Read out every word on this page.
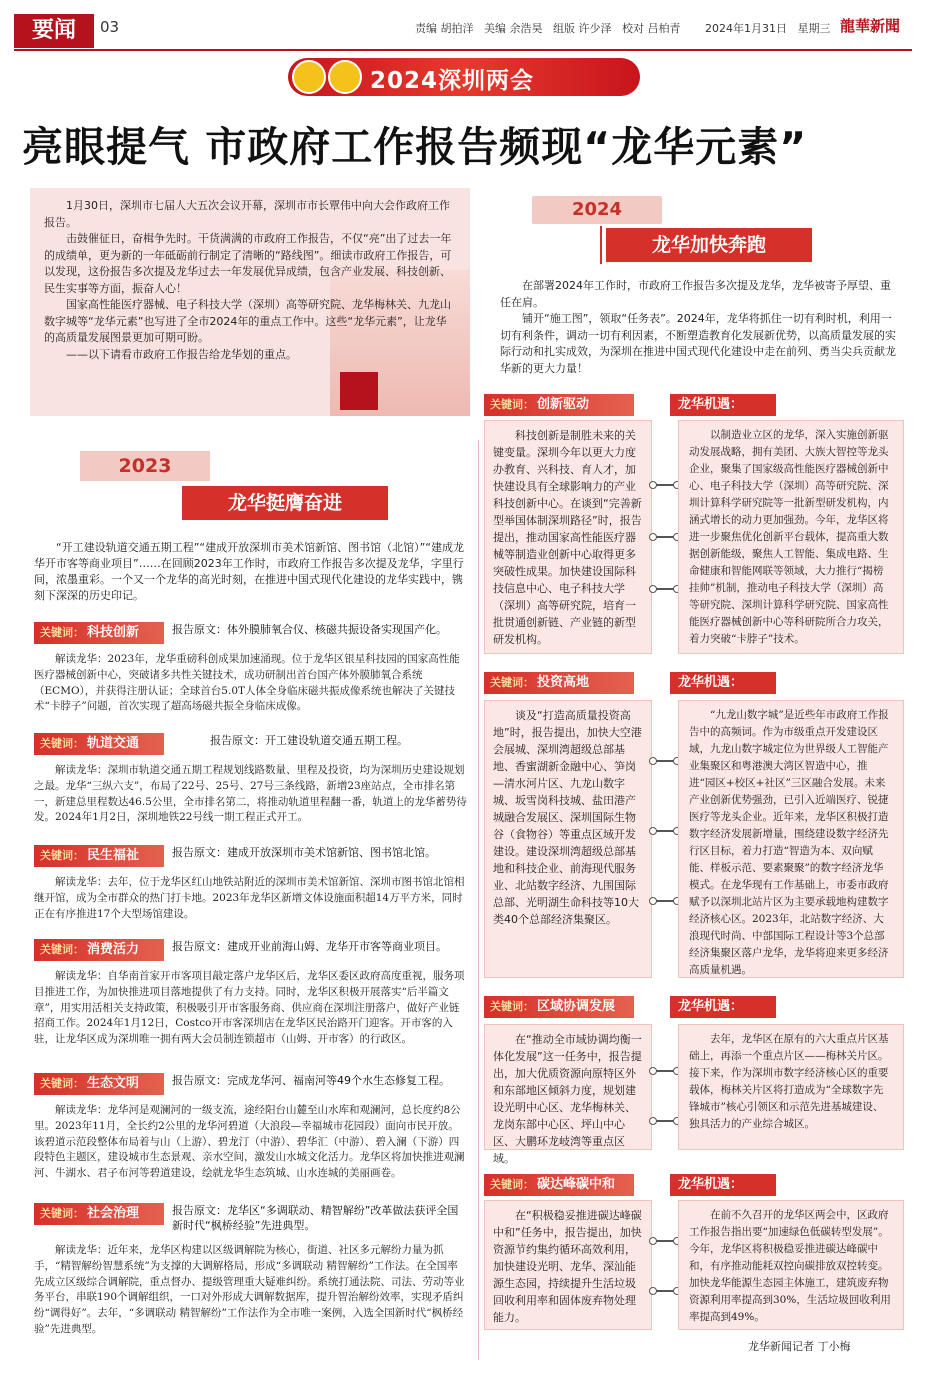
要闻	03	责编 胡拍洋 美编 余浩昊 组版 许少泽 校对 吕柏青 2024年1月31日 星期三 龍華新聞
2024深圳两会
亮眼提气 市政府工作报告频现“龙华元素”

1月30日，深圳市七届人大五次会议开幕，深圳市市长覃伟中向大会作政府工作报告。

击鼓催征日，奋楫争先时。干货满满的市政府工作报告，不仅“亮”出了过去一年的成绩单，更为新的一年砥砺前行制定了清晰的“路线图”。细读市政府工作报告，可以发现，这份报告多次提及龙华过去一年发展优异成绩，包含产业发展、科技创新、民生实事等方面，振奋人心！

国家高性能医疗器械、电子科技大学（深圳）高等研究院、龙华梅林关、九龙山数字城等“龙华元素”也写进了全市2024年的重点工作中。这些“龙华元素”，让龙华的高质量发展图景更加可期可盼。

——以下请看市政府工作报告给龙华划的重点。

2024
龙华加快奔跑

在部署2024年工作时，市政府工作报告多次提及龙华，龙华被寄予厚望、重任在肩。

铺开“施工图”，领取“任务表”。2024年，龙华将抓住一切有利时机，利用一切有利条件，调动一切有利因素，不断塑造教育化发展新优势，以高质量发展的实际行动和扎实成效，为深圳在推进中国式现代化建设中走在前列、勇当尖兵贡献龙华新的更大力量！

2023
龙华挺膺奋进

“开工建设轨道交通五期工程”“建成开放深圳市美术馆新馆、图书馆（北馆）”“建成龙华开市客等商业项目”……在回顾2023年工作时，市政府工作报告多次提及龙华，字里行间，浓墨重彩。一个又一个龙华的高光时刻，在推进中国式现代化建设的龙华实践中，镌刻下深深的历史印记。

关键词： 科技创新	报告原文：体外膜肺氧合仪、核磁共振设备实现国产化。

解读龙华：2023年，龙华重磅科创成果加速涌现。位于龙华区银星科技园的国家高性能医疗器械创新中心，突破诸多共性关键技术，成功研制出首台国产体外膜肺氧合系统（ECMO），并获得注册认证；全球首台5.0T人体全身临床磁共振成像系统也解决了关键技术“卡脖子”问题，首次实现了超高场磁共振全身临床成像。

关键词： 轨道交通	报告原文：开工建设轨道交通五期工程。

解读龙华：深圳市轨道交通五期工程规划线路数量、里程及投资，均为深圳历史建设规划之最。龙华“三纵六支”，布局了22号、25号、27号三条线路，新增23座站点，全市排名第一，新建总里程数达46.5公里，全市排名第二，将推动轨道里程翻一番，轨道上的龙华蓄势待发。2024年1月2日，深圳地铁22号线一期工程正式开工。

关键词： 民生福祉	报告原文：建成开放深圳市美术馆新馆、图书馆北馆。

解读龙华：去年，位于龙华区红山地铁站附近的深圳市美术馆新馆、深圳市图书馆北馆相继开馆，成为全市群众的热门打卡地。2023年龙华区新增文体设施面积超14万平方米，同时正在有序推进17个大型场馆建设。

关键词： 消费活力	报告原文：建成开业前海山姆、龙华开市客等商业项目。

解读龙华：自华南首家开市客项目敲定落户龙华区后，龙华区委区政府高度重视，服务项目推进工作，为加快推进项目落地提供了有力支持。同时，龙华区积极开展落实“后半篇文章”，用实用活相关支持政策，积极吸引开市客服务商、供应商在深圳注册落户，做好产业链招商工作。2024年1月12日，Costco开市客深圳店在龙华区民治路开门迎客。开市客的入驻，让龙华区成为深圳唯一拥有两大会员制连锁超市（山姆、开市客）的行政区。

关键词： 生态文明	报告原文：完成龙华河、福南河等49个水生态修复工程。

解读龙华：龙华河是观澜河的一级支流，途经阳台山麓至山水库和观澜河，总长度约8公里。2023年11月，全长约2公里的龙华河碧道（大浪段—幸福城市花园段）面向市民开放。该碧道示范段整体布局着与山（上游）、碧龙汀（中游）、碧华汇（中游）、碧入澜（下游）四段特色主题区，建设城市生态景观、亲水空间，激发山水城文化活力。龙华区将加快推进观澜河、牛湖水、君子布河等碧道建设，绘就龙华生态筑城、山水连城的美丽画卷。

关键词： 社会治理	报告原文：龙华区“多调联动、精智解纷”改革做法获评全国新时代“枫桥经验”先进典型。

解读龙华：近年来，龙华区构建以区级调解院为核心，街道、社区多元解纷力量为抓手，“精智解纷智慧系统”为支撑的大调解格局，形成“多调联动 精智解纷”工作法。在全国率先成立区级综合调解院，重点督办、提级管理重大疑难纠纷。系统打通法院、司法、劳动等业务平台，串联190个调解组织，一口对外形成大调解数据库，提升智治解纷效率，实现矛盾纠纷“调得好”。去年，“多调联动 精智解纷”工作法作为全市唯一案例，入选全国新时代“枫桥经验”先进典型。

关键词： 创新驱动	龙华机遇：

科技创新是制胜未来的关键变量。深圳今年以更大力度办教育、兴科技、育人才，加快建设具有全球影响力的产业科技创新中心。在谈到“完善新型举国体制深圳路径”时，报告提出，推动国家高性能医疗器械等制造业创新中心取得更多突破性成果。加快建设国际科技信息中心、电子科技大学（深圳）高等研究院，培育一批贯通创新链、产业链的新型研发机构。

以制造业立区的龙华，深入实施创新驱动发展战略，拥有美团、大族大智控等龙头企业，聚集了国家级高性能医疗器械创新中心、电子科技大学（深圳）高等研究院、深圳计算科学研究院等一批新型研发机构，内涵式增长的动力更加强劲。今年，龙华区将进一步聚焦优化创新平台载体，提高重大数据创新能级，聚焦人工智能、集成电路、生命健康和智能网联等领域，大力推行“揭榜挂帅”机制，推动电子科技大学（深圳）高等研究院、深圳计算科学研究院、国家高性能医疗器械创新中心等科研院所合力攻关，着力突破“卡脖子”技术。

关键词： 投资高地	龙华机遇：

谈及“打造高质量投资高地”时，报告提出，加快大空港会展城、深圳湾超级总部基地、香蜜湖新金融中心、笋岗—清水河片区、九龙山数字城、坂雪岗科技城、盐田港产城融合发展区、深圳国际生物谷（食物谷）等重点区域开发建设。建设深圳湾超级总部基地和科技企业、前海现代服务业、北站数字经济、九围国际总部、光明湖生命科技等10大类40个总部经济集聚区。

“九龙山数字城”是近些年市政府工作报告中的高频词。作为市级重点开发建设区域，九龙山数字城定位为世界级人工智能产业集聚区和粤港澳大湾区智造中心，推进“园区+校区+社区”三区融合发展。未来产业创新优势强劲，已引入近端医疗、锐捷医疗等龙头企业。近年来，龙华区积极打造数字经济发展新增量，围绕建设数字经济先行区目标，着力打造“智造为本、双向赋能、样板示范、要素聚聚”的数字经济龙华模式。在龙华现有工作基础上，市委市政府赋予以深圳北站片区为主要承载地构建数字经济核心区。2023年，北站数字经济、大浪现代时尚、中部国际工程设计等3个总部经济集聚区落户龙华，龙华将迎来更多经济高质量机遇。

关键词： 区域协调发展	龙华机遇：

在“推动全市域协调均衡一体化发展”这一任务中，报告提出，加大优质资源向原特区外和东部地区倾斜力度，规划建设光明中心区、龙华梅林关、龙岗东部中心区、坪山中心区、大鹏环龙岐湾等重点区域。

去年，龙华区在原有的六大重点片区基础上，再添一个重点片区——梅林关片区。接下来，作为深圳市数字经济核心区的重要载体，梅林关片区将打造成为“全球数字先锋城市”核心引领区和示范先进基城建设、独具活力的产业综合城区。

关键词： 碳达峰碳中和	龙华机遇：

在“积极稳妥推进碳达峰碳中和”任务中，报告提出，加快资源节约集约循环高效利用，加快建设光明、龙华、深汕能源生态园，持续提升生活垃圾回收利用率和固体废弃物处理能力。

在前不久召开的龙华区两会中，区政府工作报告指出要“加速绿色低碳转型发展”。今年，龙华区将积极稳妥推进碳达峰碳中和，有序推动能耗双控向碳排放双控转变。加快龙华能源生态园主体施工，建筑废弃物资源利用率提高到30%，生活垃圾回收利用率提高到49%。

龙华新闻记者 丁小梅
